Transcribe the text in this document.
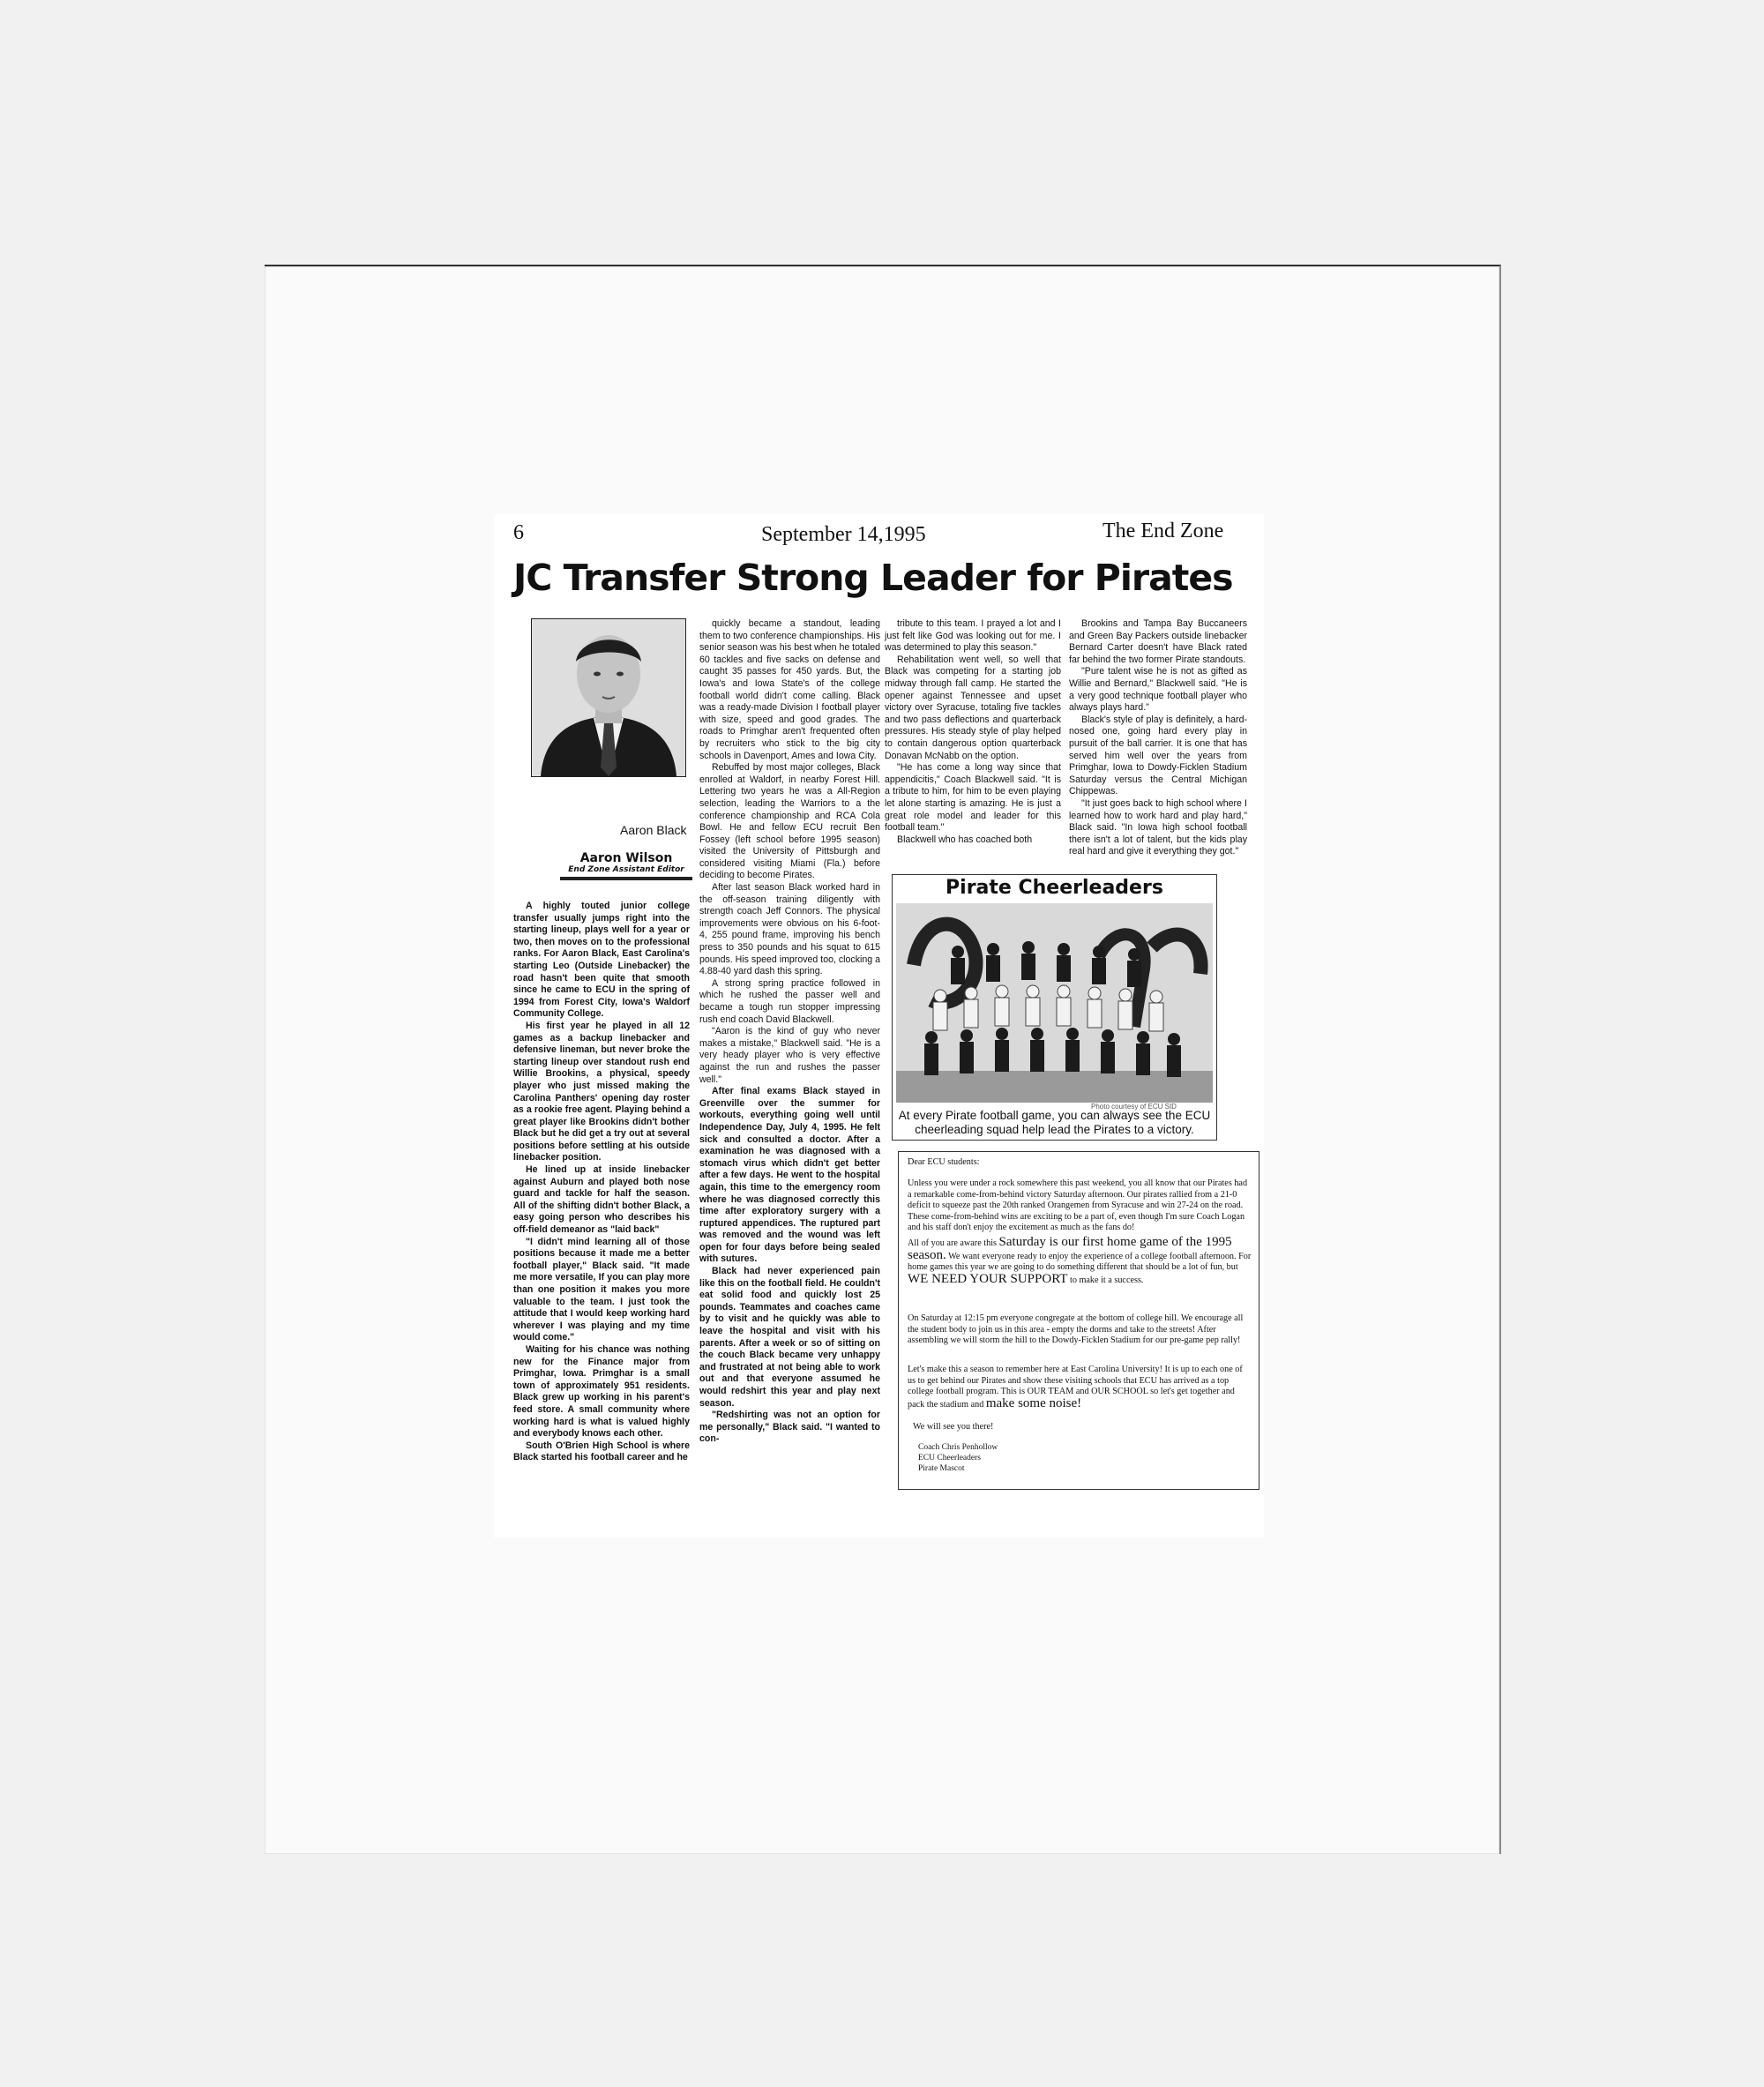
6	September 14,1995	The End Zone
JC Transfer Strong Leader for Pirates
Aaron Black
Aaron Wilson
End Zone Assistant Editor

A highly touted junior college transfer usually jumps right into the starting lineup, plays well for a year or two, then moves on to the professional ranks. For Aaron Black, East Carolina's starting Leo (Outside Linebacker) the road hasn't been quite that smooth since he came to ECU in the spring of 1994 from Forest City, Iowa's Waldorf Community College.

His first year he played in all 12 games as a backup linebacker and defensive lineman, but never broke the starting lineup over standout rush end Willie Brookins, a physical, speedy player who just missed making the Carolina Panthers' opening day roster as a rookie free agent. Playing behind a great player like Brookins didn't bother Black but he did get a try out at several positions before settling at his outside linebacker position.

He lined up at inside linebacker against Auburn and played both nose guard and tackle for half the season. All of the shifting didn't bother Black, a easy going person who describes his off-field demeanor as "laid back"

"I didn't mind learning all of those positions because it made me a better football player," Black said. "It made me more versatile, If you can play more than one position it makes you more valuable to the team. I just took the attitude that I would keep working hard wherever I was playing and my time would come."

Waiting for his chance was nothing new for the Finance major from Primghar, Iowa. Primghar is a small town of approximately 951 residents. Black grew up working in his parent's feed store. A small community where working hard is what is valued highly and everybody knows each other.

South O'Brien High School is where Black started his football career and he

quickly became a standout, leading them to two conference championships. His senior season was his best when he totaled 60 tackles and five sacks on defense and caught 35 passes for 450 yards. But, the Iowa's and Iowa State's of the college football world didn't come calling. Black was a ready-made Division I football player with size, speed and good grades. The roads to Primghar aren't frequented often by recruiters who stick to the big city schools in Davenport, Ames and Iowa City.

Rebuffed by most major colleges, Black enrolled at Waldorf, in nearby Forest Hill. Lettering two years he was a All-Region selection, leading the Warriors to a the conference championship and RCA Cola Bowl. He and fellow ECU recruit Ben Fossey (left school before 1995 season) visited the University of Pittsburgh and considered visiting Miami (Fla.) before deciding to become Pirates.

After last season Black worked hard in the off-season training diligently with strength coach Jeff Connors. The physical improvements were obvious on his 6-foot-4, 255 pound frame, improving his bench press to 350 pounds and his squat to 615 pounds. His speed improved too, clocking a 4.88-40 yard dash this spring.

A strong spring practice followed in which he rushed the passer well and became a tough run stopper impressing rush end coach David Blackwell.

"Aaron is the kind of guy who never makes a mistake," Blackwell said. "He is a very heady player who is very effective against the run and rushes the passer well."

After final exams Black stayed in Greenville over the summer for workouts, everything going well until Independence Day, July 4, 1995. He felt sick and consulted a doctor. After a examination he was diagnosed with a stomach virus which didn't get better after a few days. He went to the hospital again, this time to the emergency room where he was diagnosed correctly this time after exploratory surgery with a ruptured appendices. The ruptured part was removed and the wound was left open for four days before being sealed with sutures.

Black had never experienced pain like this on the football field. He couldn't eat solid food and quickly lost 25 pounds. Teammates and coaches came by to visit and he quickly was able to leave the hospital and visit with his parents. After a week or so of sitting on the couch Black became very unhappy and frustrated at not being able to work out and that everyone assumed he would redshirt this year and play next season.

"Redshirting was not an option for me personally," Black said. "I wanted to con-

tribute to this team. I prayed a lot and I just felt like God was looking out for me. I was determined to play this season."

Rehabilitation went well, so well that Black was competing for a starting job midway through fall camp. He started the opener against Tennessee and upset victory over Syracuse, totaling five tackles and two pass deflections and quarterback pressures. His steady style of play helped to contain dangerous option quarterback Donavan McNabb on the option.

"He has come a long way since that appendicitis," Coach Blackwell said. "It is a tribute to him, for him to be even playing let alone starting is amazing. He is just a great role model and leader for this football team."

Blackwell who has coached both

Brookins and Tampa Bay Buccaneers and Green Bay Packers outside linebacker Bernard Carter doesn't have Black rated far behind the two former Pirate standouts.

"Pure talent wise he is not as gifted as Willie and Bernard," Blackwell said. "He is a very good technique football player who always plays hard."

Black's style of play is definitely, a hard-nosed one, going hard every play in pursuit of the ball carrier. It is one that has served him well over the years from Primghar, Iowa to Dowdy-Ficklen Stadium Saturday versus the Central Michigan Chippewas.

"It just goes back to high school where I learned how to work hard and play hard," Black said. "In Iowa high school football there isn't a lot of talent, but the kids play real hard and give it everything they got."

Pirate Cheerleaders
Photo courtesy of ECU SID
At every Pirate football game, you can always see the ECU cheerleading squad help lead the Pirates to a victory.

Dear ECU students:

Unless you were under a rock somewhere this past weekend, you all know that our Pirates had a remarkable come-from-behind victory Saturday afternoon. Our pirates rallied from a 21-0 deficit to squeeze past the 20th ranked Orangemen from Syracuse and win 27-24 on the road. These come-from-behind wins are exciting to be a part of, even though I'm sure Coach Logan and his staff don't enjoy the excitement as much as the fans do!

All of you are aware this Saturday is our first home game of the 1995 season. We want everyone ready to enjoy the experience of a college football afternoon. For home games this year we are going to do something different that should be a lot of fun, but WE NEED YOUR SUPPORT to make it a success.

On Saturday at 12:15 pm everyone congregate at the bottom of college hill. We encourage all the student body to join us in this area - empty the dorms and take to the streets! After assembling we will storm the hill to the Dowdy-Ficklen Stadium for our pre-game pep rally!

Let's make this a season to remember here at East Carolina University! It is up to each one of us to get behind our Pirates and show these visiting schools that ECU has arrived as a top college football program. This is OUR TEAM and OUR SCHOOL so let's get together and pack the stadium and make some noise!

We will see you there!

Coach Chris Penhollow
ECU Cheerleaders
Pirate Mascot
